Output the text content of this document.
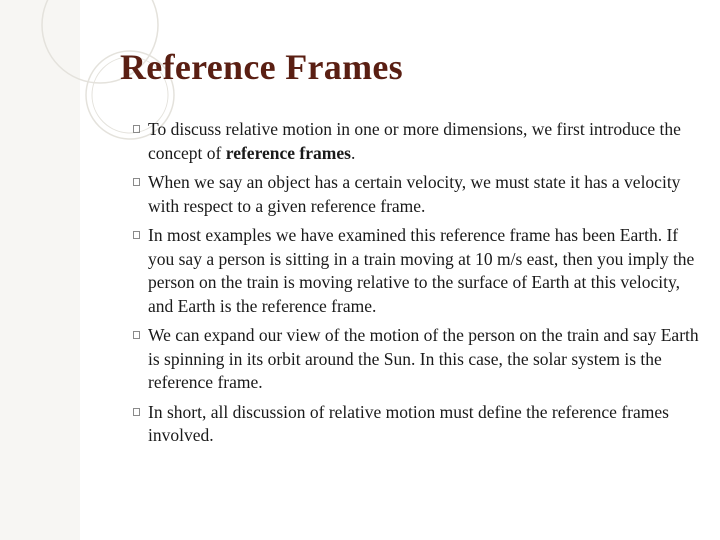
Reference Frames
To discuss relative motion in one or more dimensions, we first introduce the concept of reference frames.
When we say an object has a certain velocity, we must state it has a velocity with respect to a given reference frame.
In most examples we have examined this reference frame has been Earth. If you say a person is sitting in a train moving at 10 m/s east, then you imply the person on the train is moving relative to the surface of Earth at this velocity, and Earth is the reference frame.
We can expand our view of the motion of the person on the train and say Earth is spinning in its orbit around the Sun. In this case, the solar system is the reference frame.
In short, all discussion of relative motion must define the reference frames involved.
